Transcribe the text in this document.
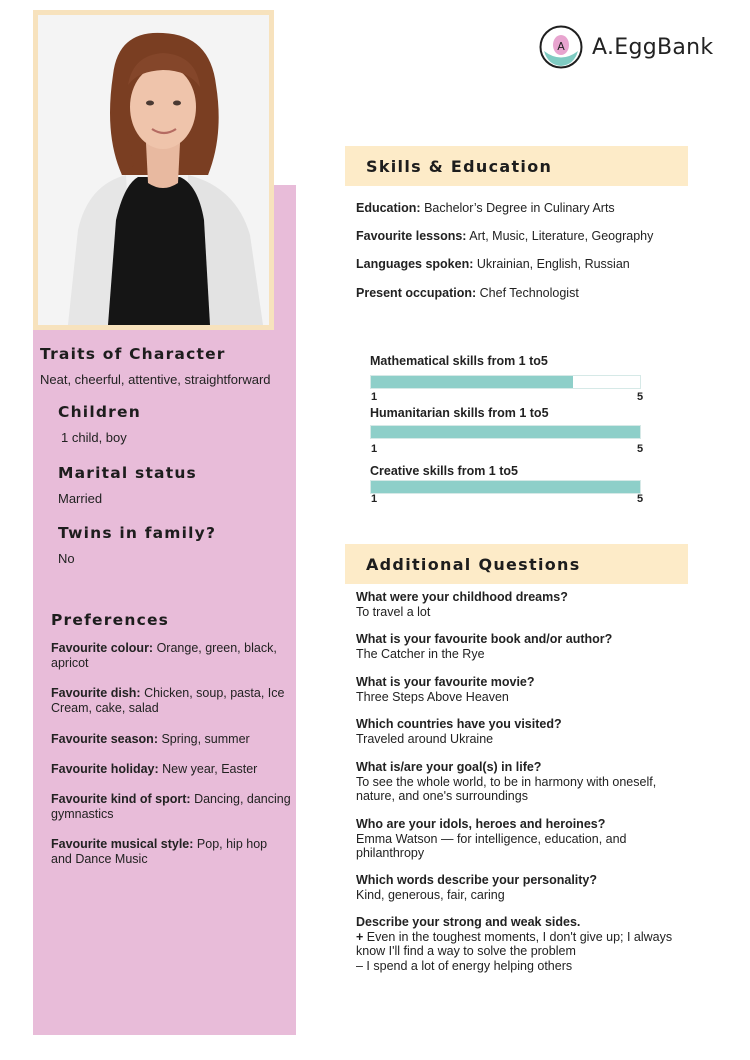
A A.EggBank
Traits of Character
Neat, cheerful, attentive, straightforward
Children
1 child, boy
Marital status
Married
Twins in family?
No
Preferences
Favourite colour: Orange, green, black, apricot
Favourite dish: Chicken, soup, pasta, Ice Cream, cake, salad
Favourite season: Spring, summer
Favourite holiday: New year, Easter
Favourite kind of sport: Dancing, dancing gymnastics
Favourite musical style: Pop, hip hop and Dance Music
Skills & Education
Education: Bachelor’s Degree in Culinary Arts
Favourite lessons: Art, Music, Literature, Geography
Languages spoken: Ukrainian, English, Russian
Present occupation: Chef Technologist
Mathematical skills from 1 to5
1	5
Humanitarian skills from 1 to5
1	5
Creative skills from 1 to5
1	5
Additional Questions
What were your childhood dreams?
To travel a lot
What is your favourite book and/or author?
The Catcher in the Rye
What is your favourite movie?
Three Steps Above Heaven
Which countries have you visited?
Traveled around Ukraine
What is/are your goal(s) in life?
To see the whole world, to be in harmony with oneself, nature, and one's surroundings
Who are your idols, heroes and heroines?
Emma Watson — for intelligence, education, and philanthropy
Which words describe your personality?
Kind, generous, fair, caring
Describe your strong and weak sides.
+ Even in the toughest moments, I don't give up; I always know I'll find a way to solve the problem
– I spend a lot of energy helping others
